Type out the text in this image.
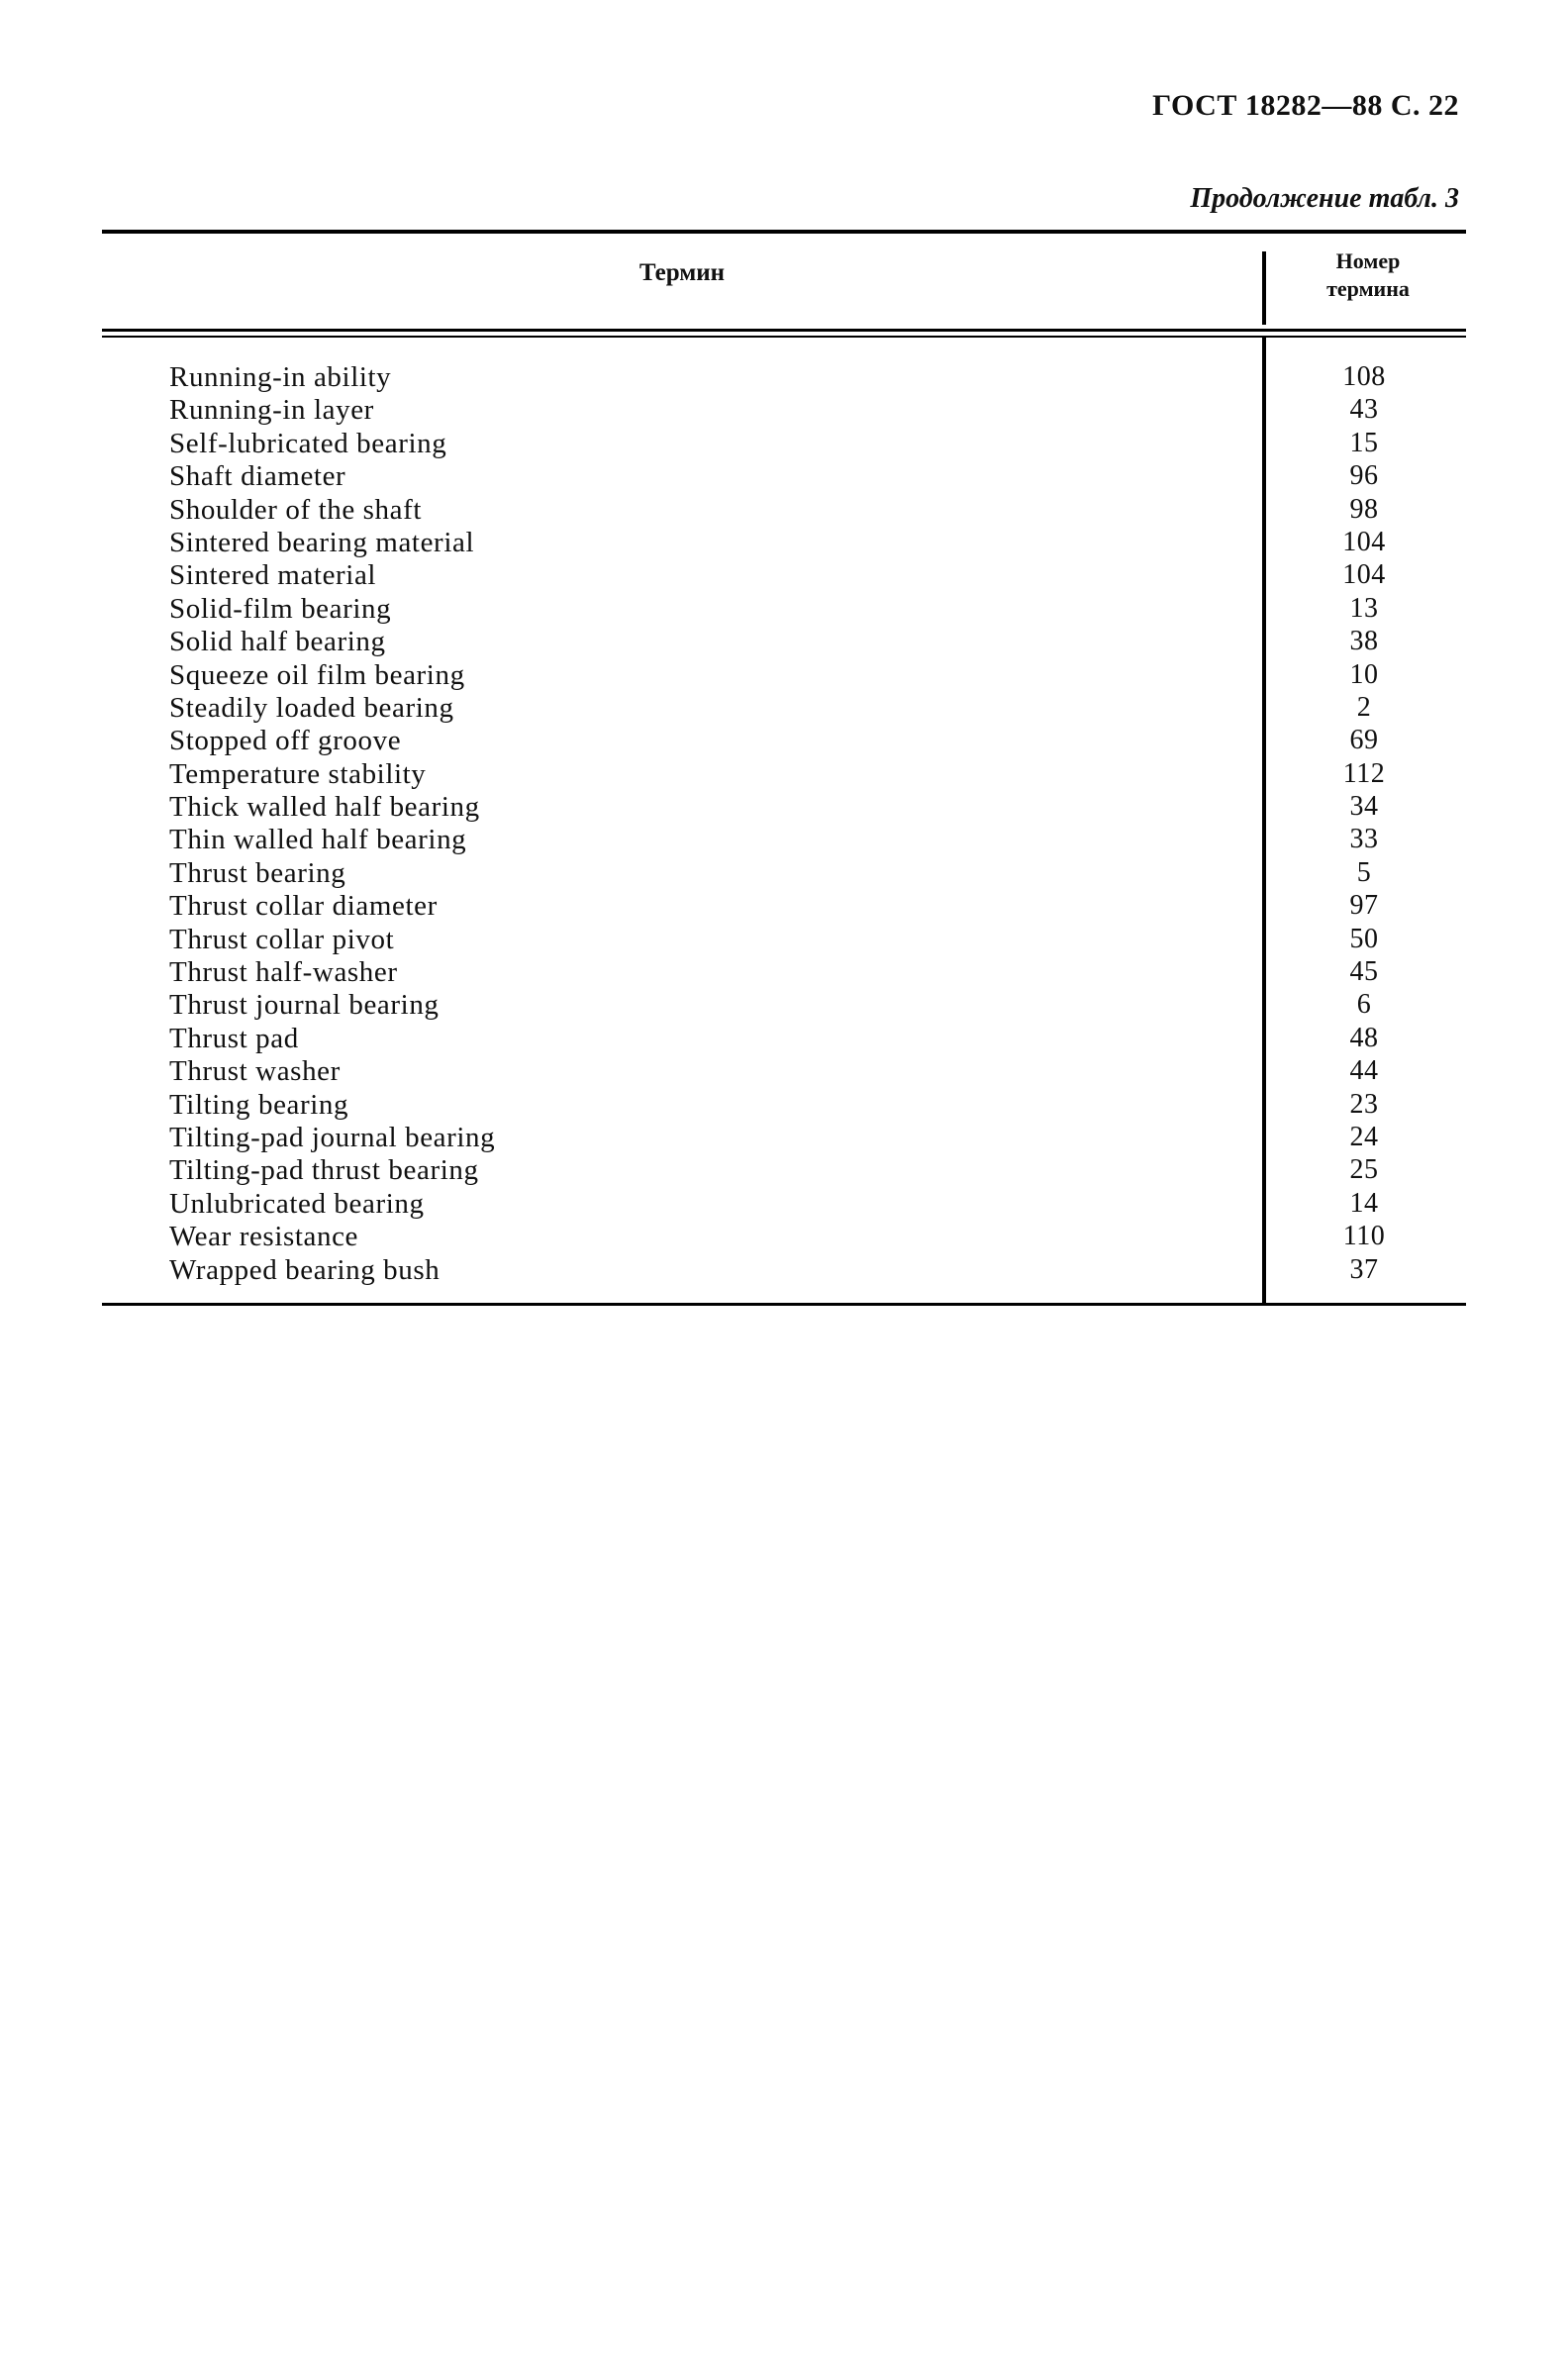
ГОСТ 18282—88 С. 22
Продолжение табл. 3
Термин	Номер
термина
Running-in ability	108
Running-in layer	43
Self-lubricated bearing	15
Shaft diameter	96
Shoulder of the shaft	98
Sintered bearing material	104
Sintered material	104
Solid-film bearing	13
Solid half bearing	38
Squeeze oil film bearing	10
Steadily loaded bearing	2
Stopped off groove	69
Temperature stability	112
Thick walled half bearing	34
Thin walled half bearing	33
Thrust bearing	5
Thrust collar diameter	97
Thrust collar pivot	50
Thrust half-washer	45
Thrust journal bearing	6
Thrust pad	48
Thrust washer	44
Tilting bearing	23
Tilting-pad journal bearing	24
Tilting-pad thrust bearing	25
Unlubricated bearing	14
Wear resistance	110
Wrapped bearing bush	37
